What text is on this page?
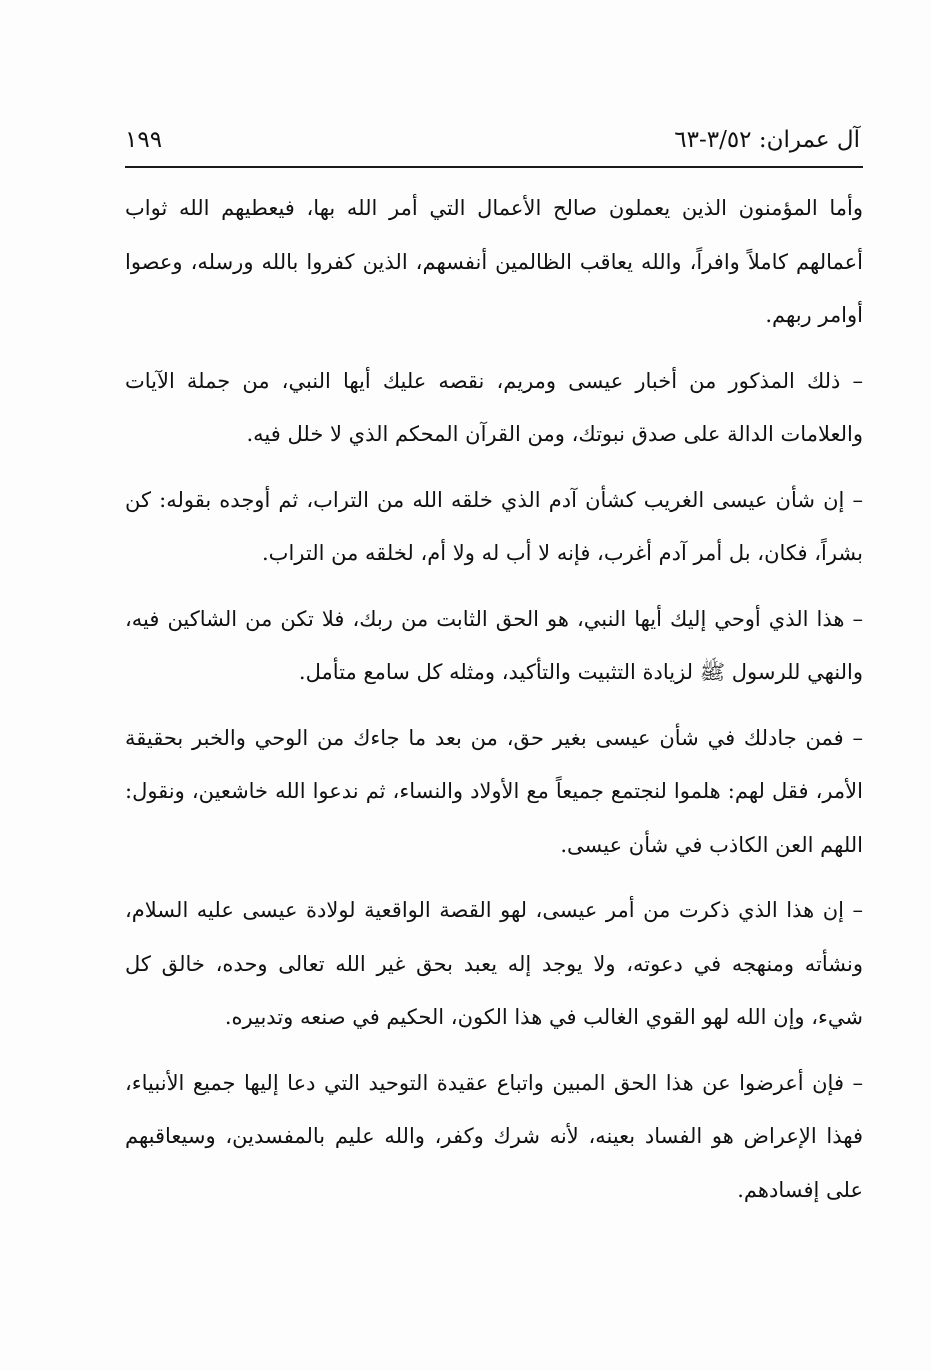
آل عمران: ٣/٥٢-٦٣
١٩٩

وأما المؤمنون الذين يعملون صالح الأعمال التي أمر الله بها، فيعطيهم الله ثواب أعمالهم كاملاً وافراً، والله يعاقب الظالمين أنفسهم، الذين كفروا بالله ورسله، وعصوا أوامر ربهم.

– ذلك المذكور من أخبار عيسى ومريم، نقصه عليك أيها النبي، من جملة الآيات والعلامات الدالة على صدق نبوتك، ومن القرآن المحكم الذي لا خلل فيه.

– إن شأن عيسى الغريب كشأن آدم الذي خلقه الله من التراب، ثم أوجده بقوله: كن بشراً، فكان، بل أمر آدم أغرب، فإنه لا أب له ولا أم، لخلقه من التراب.

– هذا الذي أوحي إليك أيها النبي، هو الحق الثابت من ربك، فلا تكن من الشاكين فيه، والنهي للرسول ﷺ لزيادة التثبيت والتأكيد، ومثله كل سامع متأمل.

– فمن جادلك في شأن عيسى بغير حق، من بعد ما جاءك من الوحي والخبر بحقيقة الأمر، فقل لهم: هلموا لنجتمع جميعاً مع الأولاد والنساء، ثم ندعوا الله خاشعين، ونقول: اللهم العن الكاذب في شأن عيسى.

– إن هذا الذي ذكرت من أمر عيسى، لهو القصة الواقعية لولادة عيسى عليه السلام، ونشأته ومنهجه في دعوته، ولا يوجد إله يعبد بحق غير الله تعالى وحده، خالق كل شيء، وإن الله لهو القوي الغالب في هذا الكون، الحكيم في صنعه وتدبيره.

– فإن أعرضوا عن هذا الحق المبين واتباع عقيدة التوحيد التي دعا إليها جميع الأنبياء، فهذا الإعراض هو الفساد بعينه، لأنه شرك وكفر، والله عليم بالمفسدين، وسيعاقبهم على إفسادهم.
